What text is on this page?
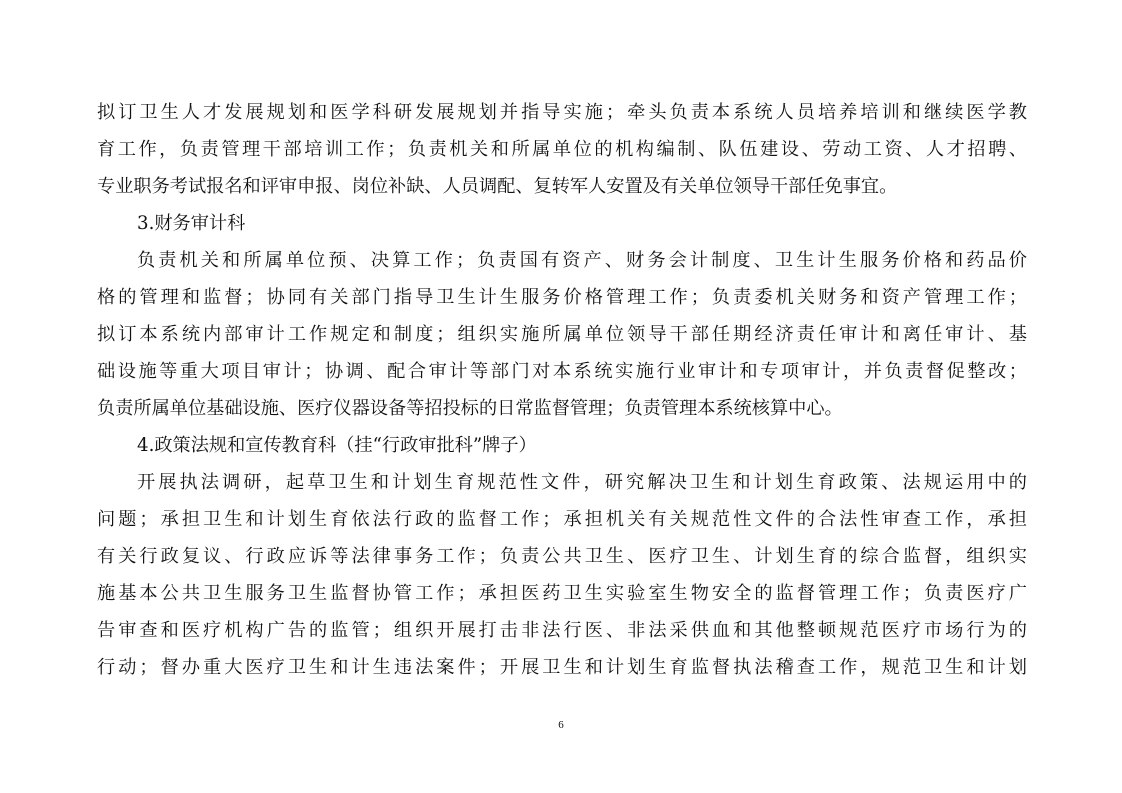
拟订卫生人才发展规划和医学科研发展规划并指导实施；牵头负责本系统人员培养培训和继续医学教
育工作，负责管理干部培训工作；负责机关和所属单位的机构编制、队伍建设、劳动工资、人才招聘、
专业职务考试报名和评审申报、岗位补缺、人员调配、复转军人安置及有关单位领导干部任免事宜。
3.财务审计科
负责机关和所属单位预、决算工作；负责国有资产、财务会计制度、卫生计生服务价格和药品价
格的管理和监督；协同有关部门指导卫生计生服务价格管理工作；负责委机关财务和资产管理工作；
拟订本系统内部审计工作规定和制度；组织实施所属单位领导干部任期经济责任审计和离任审计、基
础设施等重大项目审计；协调、配合审计等部门对本系统实施行业审计和专项审计，并负责督促整改；
负责所属单位基础设施、医疗仪器设备等招投标的日常监督管理；负责管理本系统核算中心。
4.政策法规和宣传教育科（挂“行政审批科”牌子）
开展执法调研，起草卫生和计划生育规范性文件，研究解决卫生和计划生育政策、法规运用中的
问题；承担卫生和计划生育依法行政的监督工作；承担机关有关规范性文件的合法性审查工作，承担
有关行政复议、行政应诉等法律事务工作；负责公共卫生、医疗卫生、计划生育的综合监督，组织实
施基本公共卫生服务卫生监督协管工作；承担医药卫生实验室生物安全的监督管理工作；负责医疗广
告审查和医疗机构广告的监管；组织开展打击非法行医、非法采供血和其他整顿规范医疗市场行为的
行动；督办重大医疗卫生和计生违法案件；开展卫生和计划生育监督执法稽查工作，规范卫生和计划
6
